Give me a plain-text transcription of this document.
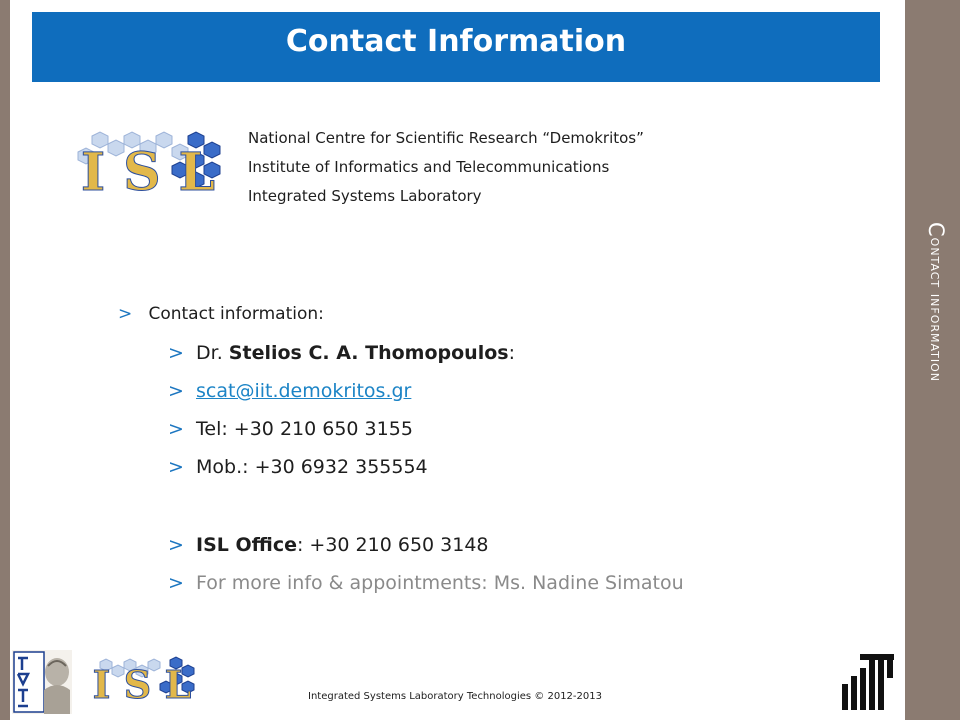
Contact information
Contact Information
I S L
National Centre for Scientific Research “Demokritos”
Institute of Informatics and Telecommunications
Integrated Systems Laboratory
> Contact information:
> Dr. Stelios C. A. Thomopoulos:
> scat@iit.demokritos.gr
> Tel: +30 210 650 3155
> Mob.: +30 6932 355554
> ISL Office: +30 210 650 3148
> For more info & appointments: Ms. Nadine Simatou
I S L	Integrated Systems Laboratory Technologies © 2012-2013
